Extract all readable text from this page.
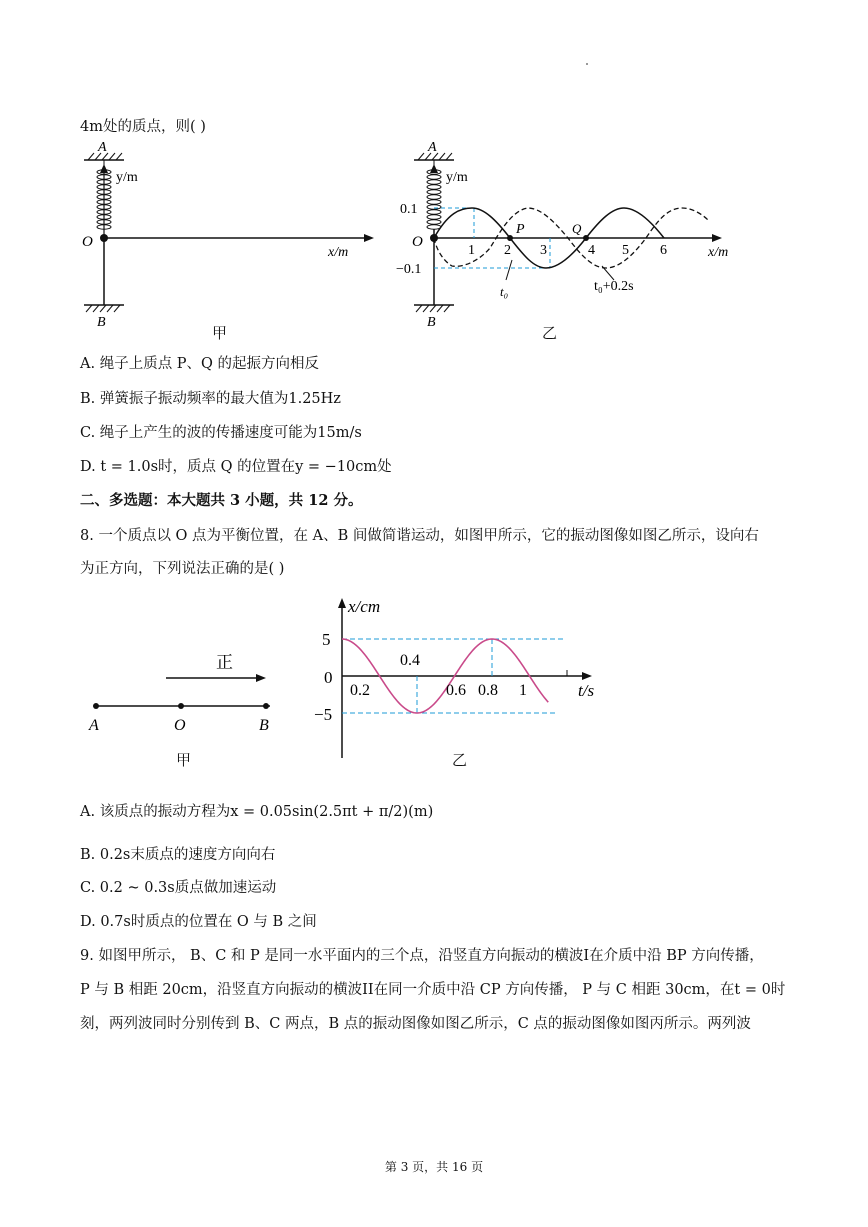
4m处的质点，则( )
A
y/m
x/m
O
B
甲
A
y/m
x/m
O
0.1
−0.1
1 2 3	4 5 6
P	Q
t₀	t₀+0.2s
B
乙
A. 绳子上质点 P、Q 的起振方向相反
B. 弹簧振子振动频率的最大值为1.25Hz
C. 绳子上产生的波的传播速度可能为15m/s
D. t = 1.0s时，质点 Q 的位置在y = −10cm处
二、多选题：本大题共 3 小题，共 12 分。
8. 一个质点以 O 点为平衡位置，在 A、B 间做简谐运动，如图甲所示，它的振动图像如图乙所示，设向右
为正方向，下列说法正确的是( )
正
A	O	B
甲
x/cm
t/s
5
0
−5
0.2
0.4
0.6 0.8 1
乙
A. 该质点的振动方程为x = 0.05sin(2.5πt + π/2)(m)
B. 0.2s末质点的速度方向向右
C. 0.2 ~ 0.3s质点做加速运动
D. 0.7s时质点的位置在 O 与 B 之间
9. 如图甲所示， B、C 和 P 是同一水平面内的三个点，沿竖直方向振动的横波I在介质中沿 BP 方向传播，
P 与 B 相距 20cm，沿竖直方向振动的横波II在同一介质中沿 CP 方向传播， P 与 C 相距 30cm，在t = 0时
刻，两列波同时分别传到 B、C 两点，B 点的振动图像如图乙所示，C 点的振动图像如图丙所示。两列波
第 3 页，共 16 页
